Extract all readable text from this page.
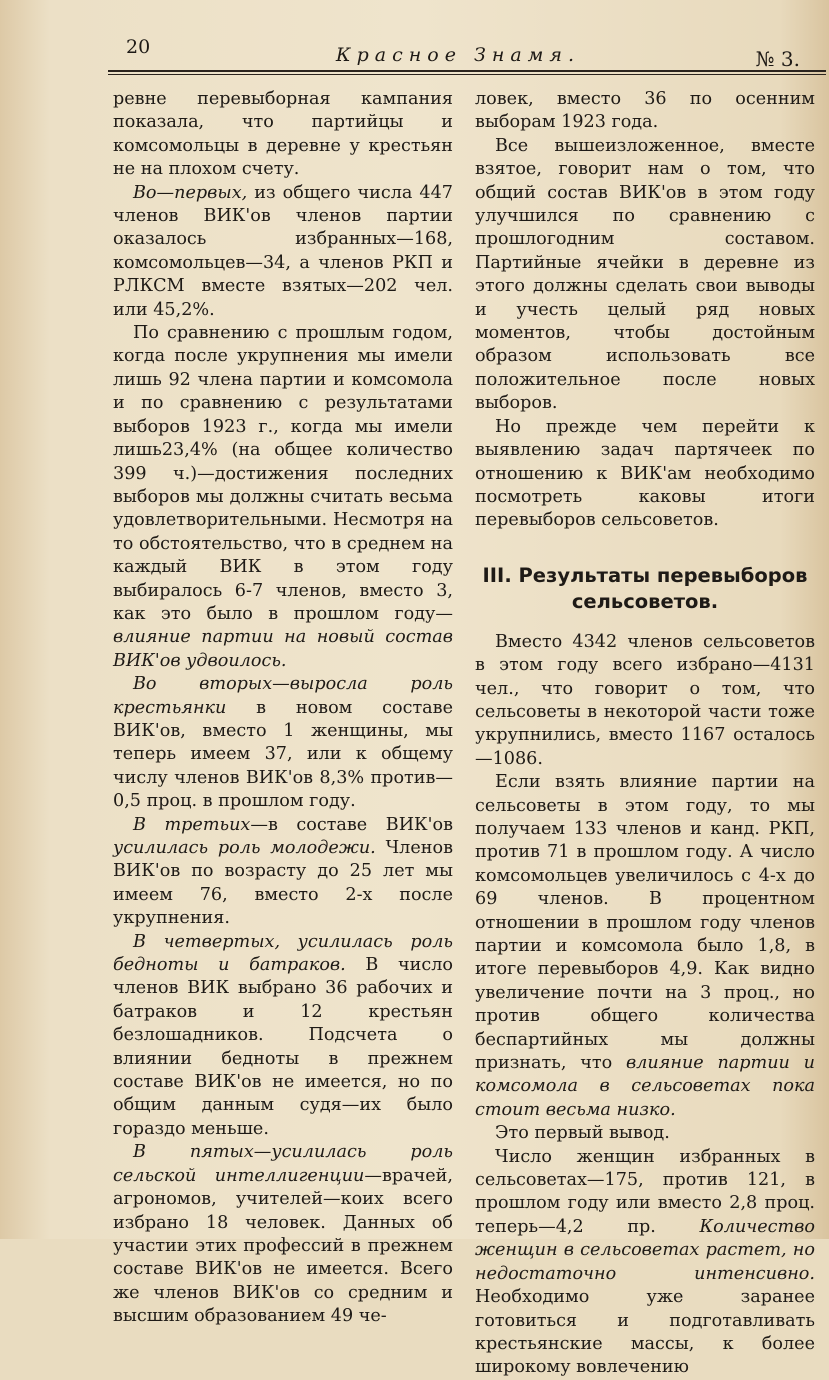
20	Красное Знамя.	№ 3.

ревне перевыборная кампания показала, что партийцы и комсомольцы в деревне у крестьян не на плохом счету.

Во—первых, из общего числа 447 членов ВИК'ов членов партии оказалось избранных—168, комсомольцев—34, а членов РКП и РЛКСМ вместе взятых—202 чел. или 45,2%.

По сравнению с прошлым годом, когда после укрупнения мы имели лишь 92 члена партии и комсомола и по сравнению с результатами выборов 1923 г., когда мы имели лишь23,4% (на общее количество 399 ч.)—достижения последних выборов мы должны считать весьма удовлетворительными. Несмотря на то обстоятельство, что в среднем на каждый ВИК в этом году выбиралось 6-7 членов, вместо 3, как это было в прошлом году—влияние партии на новый состав ВИК'ов удвоилось.

Во вторых—выросла роль крестьянки в новом составе ВИК'ов, вместо 1 женщины, мы теперь имеем 37, или к общему числу членов ВИК'ов 8,3% против—0,5 проц. в прошлом году.

В третьих—в составе ВИК'ов усилилась роль молодежи. Членов ВИК'ов по возрасту до 25 лет мы имеем 76, вместо 2-х после укрупнения.

В четвертых, усилилась роль бедноты и батраков. В число членов ВИК выбрано 36 рабочих и батраков и 12 крестьян безлошадников. Подсчета о влиянии бедноты в прежнем составе ВИК'ов не имеется, но по общим данным судя—их было гораздо меньше.

В пятых—усилилась роль сельской интеллигенции—врачей, агрономов, учителей—коих всего избрано 18 человек. Данных об участии этих профессий в прежнем составе ВИК'ов не имеется. Всего же членов ВИК'ов со средним и высшим образованием 49 че-

ловек, вместо 36 по осенним выборам 1923 года.

Все вышеизложенное, вместе взятое, говорит нам о том, что общий состав ВИК'ов в этом году улучшился по сравнению с прошлогодним составом. Партийные ячейки в деревне из этого должны сделать свои выводы и учесть целый ряд новых моментов, чтобы достойным образом использовать все положительное после новых выборов.

Но прежде чем перейти к выявлению задач партячеек по отношению к ВИК'ам необходимо посмотреть каковы итоги перевыборов сельсоветов.

III. Результаты перевыборов сельсоветов.

Вместо 4342 членов сельсоветов в этом году всего избрано—4131 чел., что говорит о том, что сельсоветы в некоторой части тоже укрупнились, вместо 1167 осталось—1086.

Если взять влияние партии на сельсоветы в этом году, то мы получаем 133 членов и канд. РКП, против 71 в прошлом году. А число комсомольцев увеличилось с 4-х до 69 членов. В процентном отношении в прошлом году членов партии и комсомола было 1,8, в итоге перевыборов 4,9. Как видно увеличение почти на 3 проц., но против общего количества беспартийных мы должны признать, что влияние партии и комсомола в сельсоветах пока стоит весьма низко.

Это первый вывод.

Число женщин избранных в сельсоветах—175, против 121, в прошлом году или вместо 2,8 проц. теперь—4,2 пр. Количество женщин в сельсоветах растет, но недостаточно интенсивно. Необходимо уже заранее готовиться и подготавливать крестьянские массы, к более широкому вовлечению
